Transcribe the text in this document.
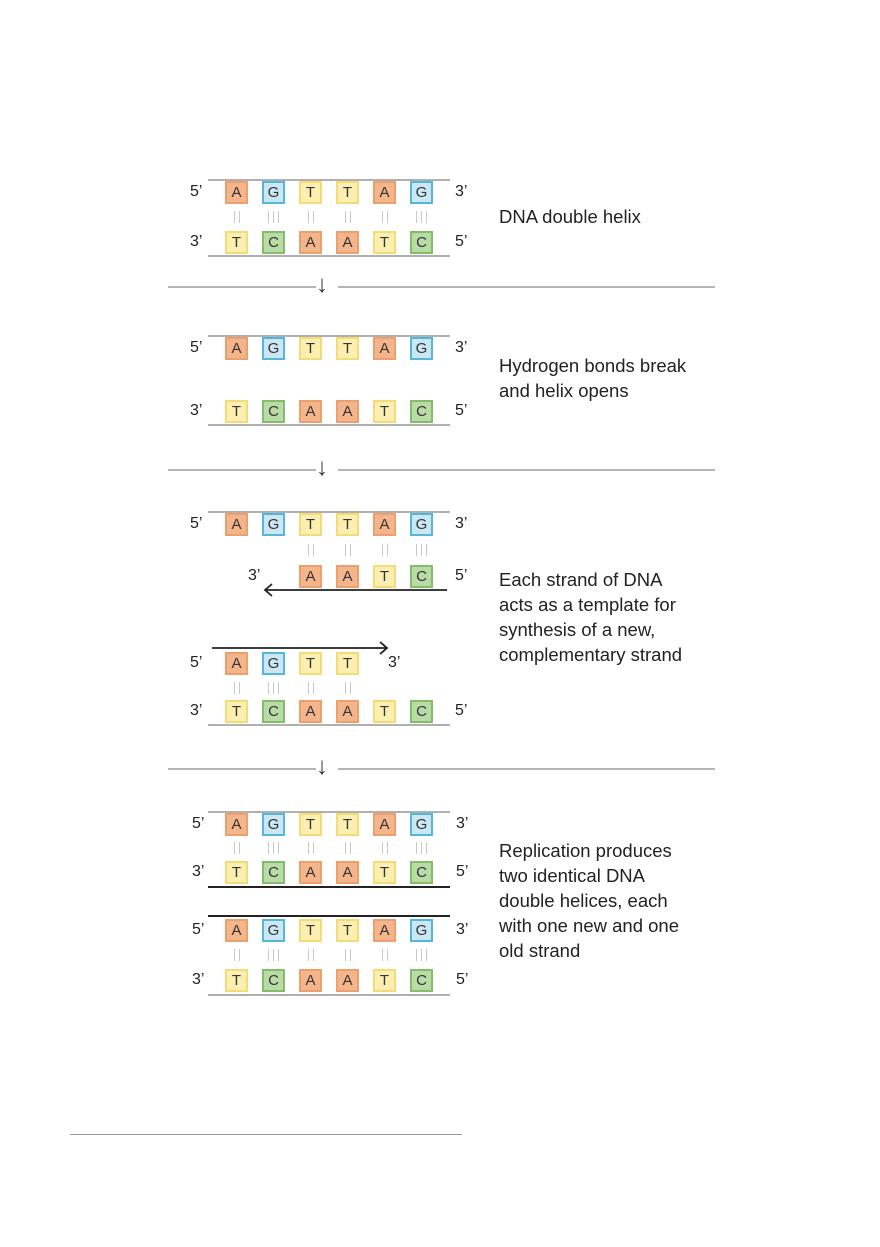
5’	3’
A	G	T	T	A	G
3’	5’
T	C	A	A	T	C
DNA double helix
5’	3’
A	G	T	T	A	G
3’	5’
T	C	A	A	T	C
Hydrogen bonds break
and helix opens
5’	3’
A	G	T	T	A	G
3’	5’
A	A	T	C
5’	3’
A	G	T	T
3’	5’
T	C	A	A	T	C
Each strand of DNA
acts as a template for
synthesis of a new,
complementary strand
5’	3’
A	G	T	T	A	G
3’	5’
T	C	A	A	T	C
5’	3’
A	G	T	T	A	G
3’	5’
T	C	A	A	T	C
Replication produces
two identical DNA
double helices, each
with one new and one
old strand
↓
↓
↓
